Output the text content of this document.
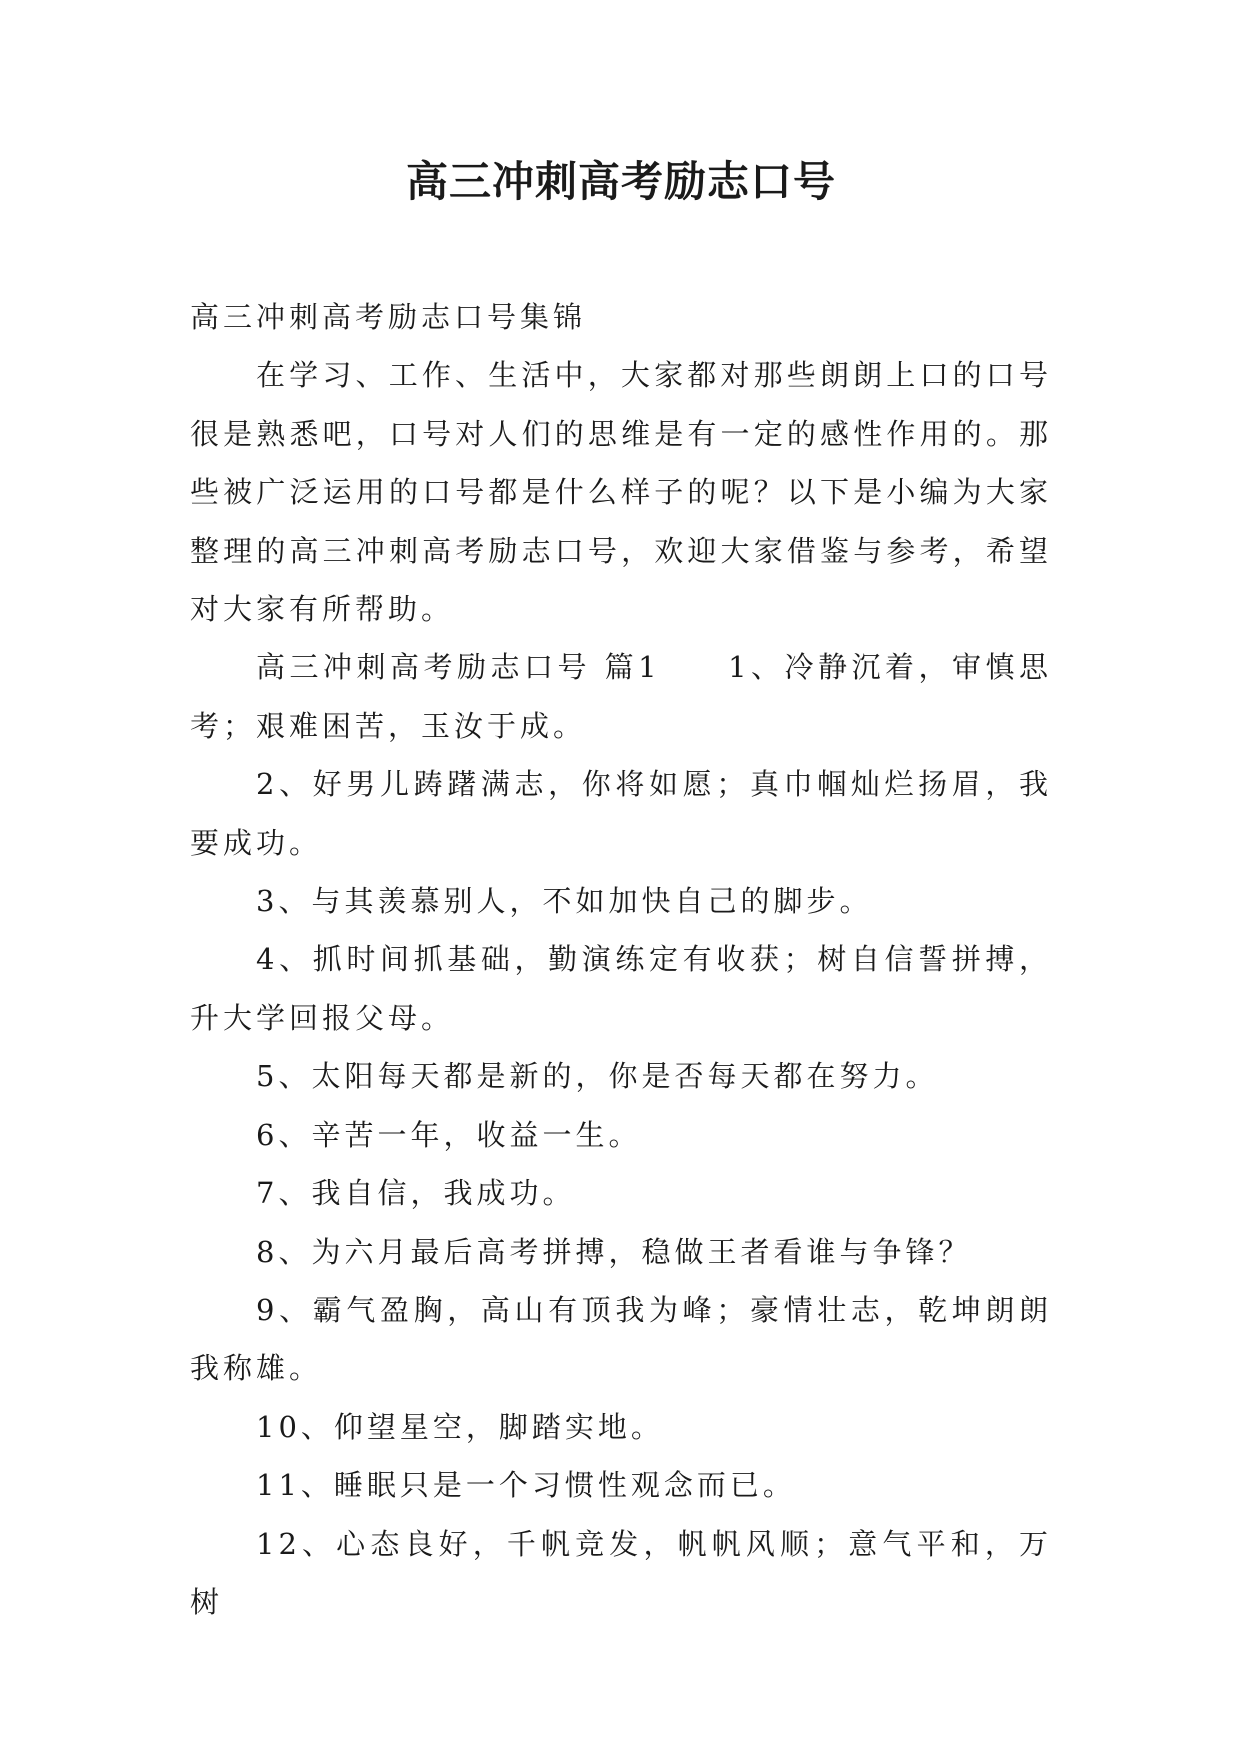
高三冲刺高考励志口号

高三冲刺高考励志口号集锦

在学习、工作、生活中，大家都对那些朗朗上口的口号很是熟悉吧，口号对人们的思维是有一定的感性作用的。那些被广泛运用的口号都是什么样子的呢？以下是小编为大家整理的高三冲刺高考励志口号，欢迎大家借鉴与参考，希望对大家有所帮助。

高三冲刺高考励志口号 篇1　　1、冷静沉着，审慎思考；艰难困苦，玉汝于成。

2、好男儿踌躇满志，你将如愿；真巾帼灿烂扬眉，我要成功。

3、与其羡慕别人，不如加快自己的脚步。

4、抓时间抓基础，勤演练定有收获；树自信誓拼搏，升大学回报父母。

5、太阳每天都是新的，你是否每天都在努力。

6、辛苦一年，收益一生。

7、我自信，我成功。

8、为六月最后高考拼搏，稳做王者看谁与争锋？

9、霸气盈胸，高山有顶我为峰；豪情壮志，乾坤朗朗我称雄。

10、仰望星空，脚踏实地。

11、睡眠只是一个习惯性观念而已。

12、心态良好，千帆竞发，帆帆风顺；意气平和，万树
